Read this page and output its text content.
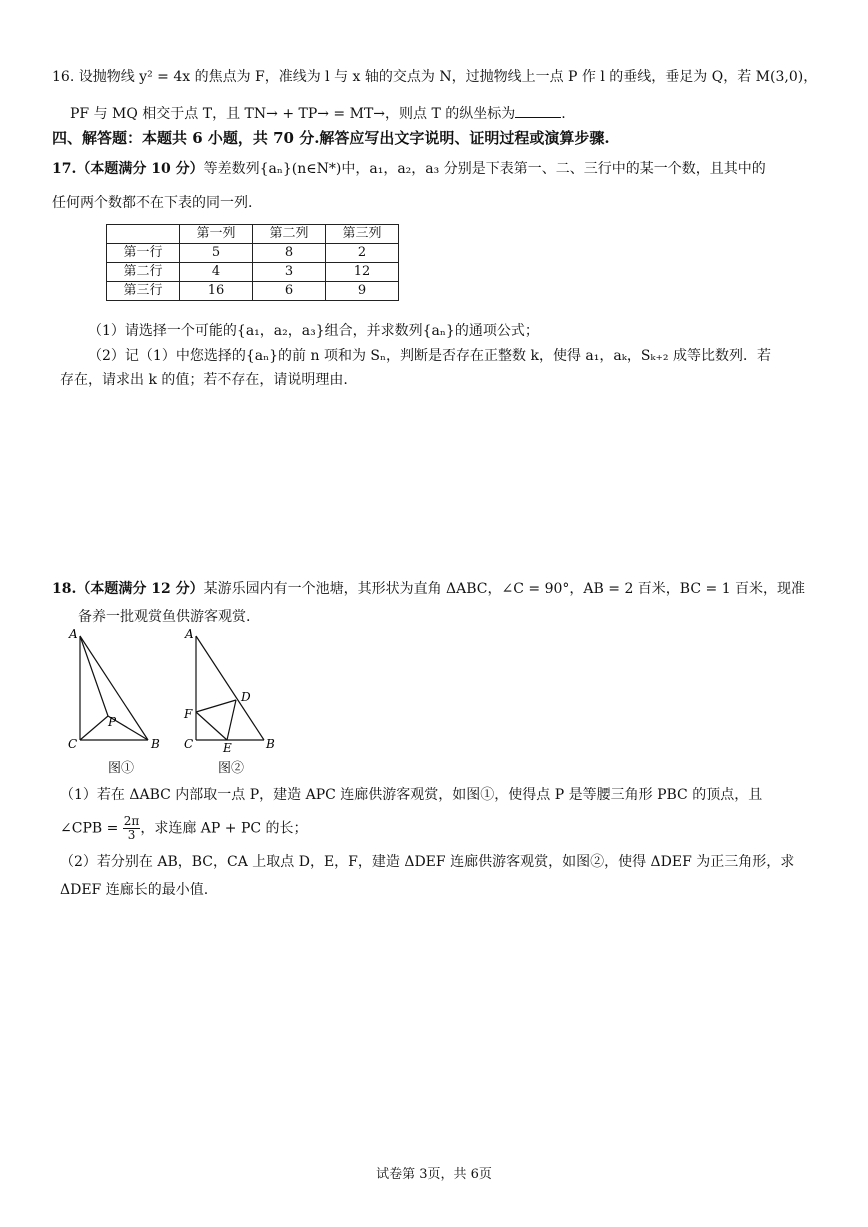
16. 设抛物线 y² = 4x 的焦点为 F，准线为 l 与 x 轴的交点为 N，过抛物线上一点 P 作 l 的垂线，垂足为 Q，若 M(3,0)，
PF 与 MQ 相交于点 T，且 TN→ + TP→ = MT→，则点 T 的纵坐标为	.
四、解答题：本题共 6 小题，共 70 分.解答应写出文字说明、证明过程或演算步骤.
17.（本题满分 10 分）等差数列{aₙ}(n∈N*)中，a₁，a₂，a₃ 分别是下表第一、二、三行中的某一个数，且其中的
任何两个数都不在下表的同一列.
	第一列	第二列	第三列
第一行	5	8	2
第二行	4	3	12
第三行	16	6	9
（1）请选择一个可能的{a₁，a₂，a₃}组合，并求数列{aₙ}的通项公式；
（2）记（1）中您选择的{aₙ}的前 n 项和为 Sₙ，判断是否存在正整数 k，使得 a₁，aₖ，Sₖ₊₂ 成等比数列．若
存在，请求出 k 的值；若不存在，请说明理由.
18.（本题满分 12 分）某游乐园内有一个池塘，其形状为直角 ΔABC，∠C = 90°，AB = 2 百米，BC = 1 百米，现准
备养一批观赏鱼供游客观赏.
A
C	B
P
图①
A
D
F
C E	B
图②
（1）若在 ΔABC 内部取一点 P，建造 APC 连廊供游客观赏，如图①，使得点 P 是等腰三角形 PBC 的顶点，且
∠CPB = $\frac{2\pi}{3}$ ，求连廊 AP + PC 的长；
（2）若分别在 AB，BC，CA 上取点 D，E，F，建造 ΔDEF 连廊供游客观赏，如图②，使得 ΔDEF 为正三角形，求
ΔDEF 连廊长的最小值.
试卷第 3页，共 6页
